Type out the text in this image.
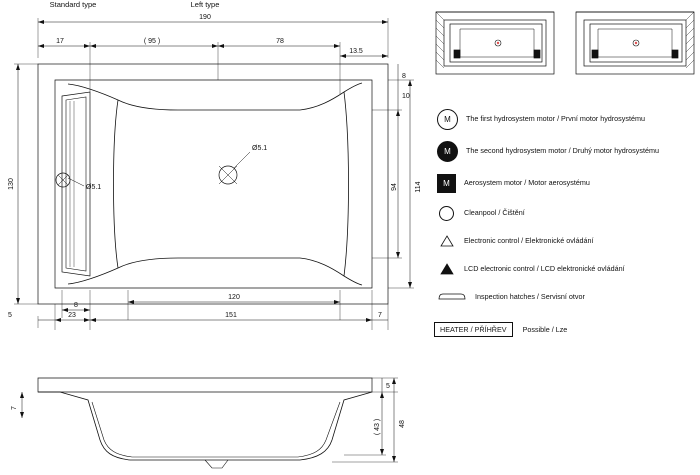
190
17	( 95 )	78
13.5
130
8
10
94 114
8
120
23	151	7
5
Ø5.1
Ø5.1
7
5
( 43 )	48
Standard type	Left type
M	The first hydrosystem motor / První motor hydrosystému
M	The second hydrosystem motor / Druhý motor hydrosystému
M	Aerosystem motor / Motor aerosystému
Cleanpool / Čištění
Electronic control / Elektronické ovládání
LCD electronic control / LCD elektronické ovládání
Inspection hatches / Servisní otvor
HEATER / PŘÍHŘEV	Possible / Lze
